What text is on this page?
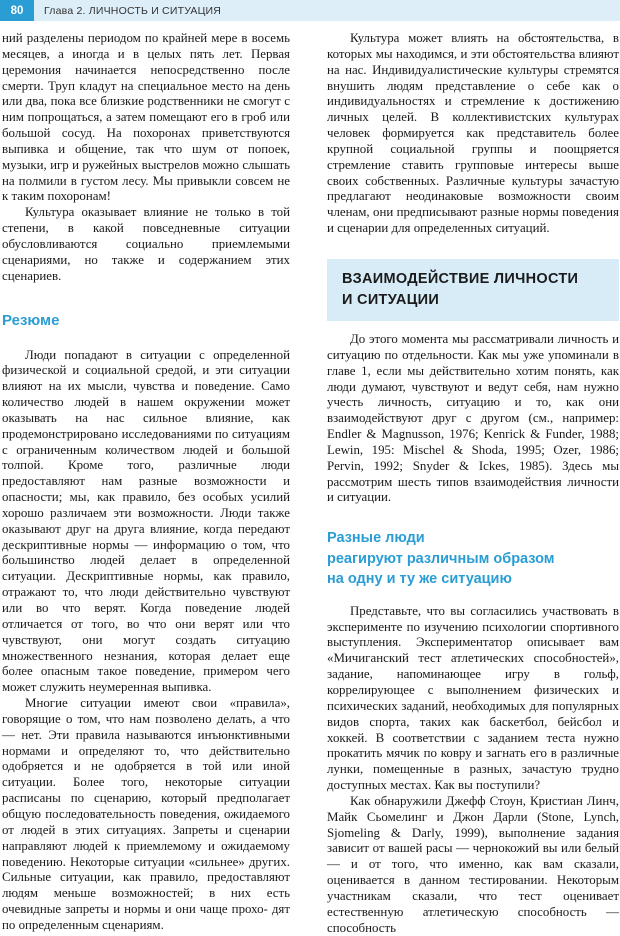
80	Глава 2. ЛИЧНОСТЬ И СИТУАЦИЯ

ний разделены периодом по крайней мере в восемь месяцев, а иногда и в целых пять лет. Первая церемония начинается непосредственно после смерти. Труп кладут на специальное место на день или два, пока все близкие родственники не смогут с ним попрощаться, а затем помещают его в гроб или большой сосуд. На похоронах приветствуются выпивка и общение, так что шум от попоек, музыки, игр и ружейных выстрелов можно слышать на полмили в густом лесу. Мы привыкли совсем не к таким похоронам!

Культура оказывает влияние не только в той степени, в какой повседневные ситуации обусловливаются социально приемлемыми сценариями, но также и содержанием этих сценариев.

Резюме

Люди попадают в ситуации с определенной физической и социальной средой, и эти ситуации влияют на их мысли, чувства и поведение. Само количество людей в нашем окружении может оказывать на нас сильное влияние, как продемонстрировано исследованиями по ситуациям с ограниченным количеством людей и большой толпой. Кроме того, различные люди предоставляют нам разные возможности и опасности; мы, как правило, без особых усилий хорошо различаем эти возможности. Люди также оказывают друг на друга влияние, когда передают дескриптивные нормы — информацию о том, что большинство людей делает в определенной ситуации. Дескриптивные нормы, как правило, отражают то, что люди действительно чувствуют или во что верят. Когда поведение людей отличается от того, во что они верят или что чувствуют, они могут создать ситуацию множественного незнания, которая делает еще более опасным такое поведение, примером чего может служить неумеренная выпивка.

Многие ситуации имеют свои «правила», говорящие о том, что нам позволено делать, а что — нет. Эти правила называются инъюнктивными нормами и определяют то, что действительно одобряется и не одобряется в той или иной ситуации. Более того, некоторые ситуации расписаны по сценарию, который предполагает общую последовательность поведения, ожидаемого от людей в этих ситуациях. Запреты и сценарии направляют людей к приемлемому и ожидаемому поведению. Некоторые ситуации «сильнее» других. Сильные ситуации, как правило, предоставляют людям меньше возможностей; в них есть очевидные запреты и нормы и они чаще прохо- дят по определенным сценариям.

Культура может влиять на обстоятельства, в которых мы находимся, и эти обстоятельства влияют на нас. Индивидуалистические культуры стремятся внушить людям представление о себе как о индивидуальностях и стремление к достижению личных целей. В коллективистских культурах человек формируется как представитель более крупной социальной группы и поощряется стремление ставить групповые интересы выше своих собственных. Различные культуры зачастую предлагают неодинаковые возможности своим членам, они предписывают разные нормы поведения и сценарии для определенных ситуаций.

ВЗАИМОДЕЙСТВИЕ ЛИЧНОСТИ
И СИТУАЦИИ

До этого момента мы рассматривали личность и ситуацию по отдельности. Как мы уже упоминали в главе 1, если мы действительно хотим понять, как люди думают, чувствуют и ведут себя, нам нужно учесть личность, ситуацию и то, как они взаимодействуют друг с другом (см., например: Endler & Magnusson, 1976; Kenrick & Funder, 1988; Lewin, 195: Mischel & Shoda, 1995; Ozer, 1986; Pervin, 1992; Snyder & Ickes, 1985). Здесь мы рассмотрим шесть типов взаимодействия личности и ситуации.

Разные люди
реагируют различным образом
на одну и ту же ситуацию

Представьте, что вы согласились участвовать в эксперименте по изучению психологии спортивного выступления. Экспериментатор описывает вам «Мичиганский тест атлетических способностей», задание, напоминающее игру в гольф, коррелирующее с выполнением физических и психических заданий, необходимых для популярных видов спорта, таких как баскетбол, бейсбол и хоккей. В соответствии с заданием теста нужно прокатить мячик по ковру и загнать его в различные лунки, помещенные в разных, зачастую трудно доступных местах. Как вы поступили?

Как обнаружили Джефф Стоун, Кристиан Линч, Майк Сьомелинг и Джон Дарли (Stone, Lynch, Sjomeling & Darly, 1999), выполнение задания зависит от вашей расы — чернокожий вы или белый — и от того, что именно, как вам сказали, оценивается в данном тестировании. Некоторым участникам сказали, что тест оценивает естественную атлетическую способность — способность
